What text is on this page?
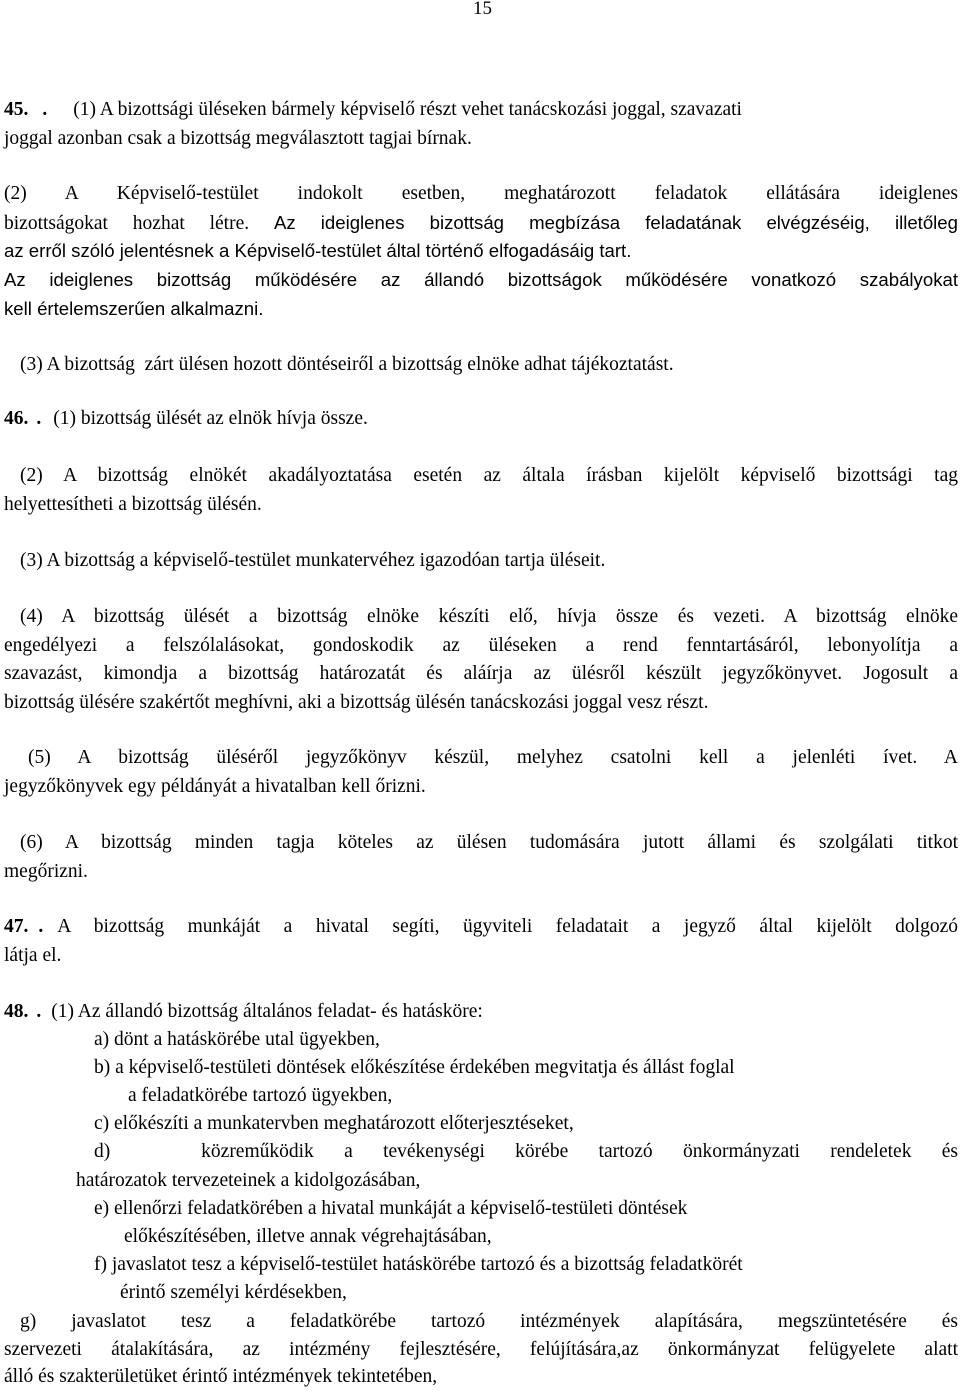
15
45. . (1) A bizottsági üléseken bármely képviselő részt vehet tanácskozási joggal, szavazati
joggal azonban csak a bizottság megválasztott tagjai bírnak.
(2) A Képviselő-testület indokolt esetben, meghatározott feladatok ellátására ideiglenes
bizottságokat hozhat létre. Az ideiglenes bizottság megbízása feladatának elvégzéséig, illetőleg
az erről szóló jelentésnek a Képviselő-testület által történő elfogadásáig tart.
Az ideiglenes bizottság működésére az állandó bizottságok működésére vonatkozó szabályokat
kell értelemszerűen alkalmazni.
(3) A bizottság  zárt ülésen hozott döntéseiről a bizottság elnöke adhat tájékoztatást.
46. . (1) bizottság ülését az elnök hívja össze.
(2) A bizottság elnökét akadályoztatása esetén az általa írásban kijelölt képviselő bizottsági tag
helyettesítheti a bizottság ülésén.
(3) A bizottság a képviselő-testület munkatervéhez igazodóan tartja üléseit.
(4) A bizottság ülését a bizottság elnöke készíti elő, hívja össze és vezeti. A bizottság elnöke
engedélyezi a felszólalásokat, gondoskodik az üléseken a rend fenntartásáról, lebonyolítja a
szavazást, kimondja a bizottság határozatát és aláírja az ülésről készült jegyzőkönyvet. Jogosult a
bizottság ülésére szakértőt meghívni, aki a bizottság ülésén tanácskozási joggal vesz részt.
(5) A bizottság üléséről jegyzőkönyv készül, melyhez csatolni kell a jelenléti ívet. A
jegyzőkönyvek egy példányát a hivatalban kell őrizni.
(6) A bizottság minden tagja köteles az ülésen tudomására jutott állami és szolgálati titkot
megőrizni.
47. . A bizottság munkáját a hivatal segíti, ügyviteli feladatait a jegyző által kijelölt dolgozó
látja el.
48. . (1) Az állandó bizottság általános feladat- és hatásköre:
a) dönt a hatáskörébe utal ügyekben,
b) a képviselő-testületi döntések előkészítése érdekében megvitatja és állást foglal
a feladatkörébe tartozó ügyekben,
c) előkészíti a munkatervben meghatározott előterjesztéseket,
d)   közreműködik a tevékenységi körébe tartozó önkormányzati rendeletek és
határozatok tervezeteinek a kidolgozásában,
e) ellenőrzi feladatkörében a hivatal munkáját a képviselő-testületi döntések
előkészítésében, illetve annak végrehajtásában,
f) javaslatot tesz a képviselő-testület hatáskörébe tartozó és a bizottság feladatkörét
érintő személyi kérdésekben,
g) javaslatot tesz a feladatkörébe tartozó intézmények alapítására, megszüntetésére és
szervezeti átalakítására, az intézmény fejlesztésére, felújítására,az önkormányzat felügyelete alatt
álló és szakterületüket érintő intézmények tekintetében,
